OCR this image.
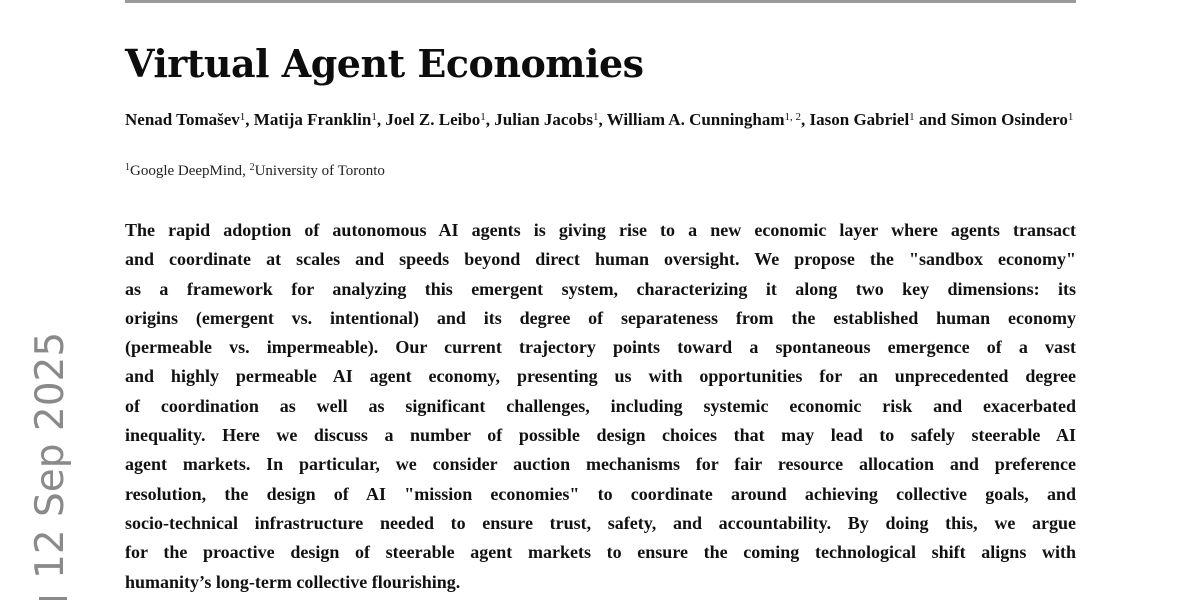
12 Sep 2025
Virtual Agent Economies
Nenad Tomašev$^1$, Matija Franklin$^1$, Joel Z. Leibo$^1$, Julian Jacobs$^1$, William A. Cunningham$^{1, 2}$, Iason Gabriel$^1$ and Simon Osindero$^1$
$^1$Google DeepMind, $^2$University of Toronto
The rapid adoption of autonomous AI agents is giving rise to a new economic layer where agents transact
and coordinate at scales and speeds beyond direct human oversight. We propose the "sandbox economy"
as a framework for analyzing this emergent system, characterizing it along two key dimensions: its
origins (emergent vs. intentional) and its degree of separateness from the established human economy
(permeable vs. impermeable). Our current trajectory points toward a spontaneous emergence of a vast
and highly permeable AI agent economy, presenting us with opportunities for an unprecedented degree
of coordination as well as significant challenges, including systemic economic risk and exacerbated
inequality. Here we discuss a number of possible design choices that may lead to safely steerable AI
agent markets. In particular, we consider auction mechanisms for fair resource allocation and preference
resolution, the design of AI "mission economies" to coordinate around achieving collective goals, and
socio-technical infrastructure needed to ensure trust, safety, and accountability. By doing this, we argue
for the proactive design of steerable agent markets to ensure the coming technological shift aligns with
humanity’s long-term collective flourishing.
